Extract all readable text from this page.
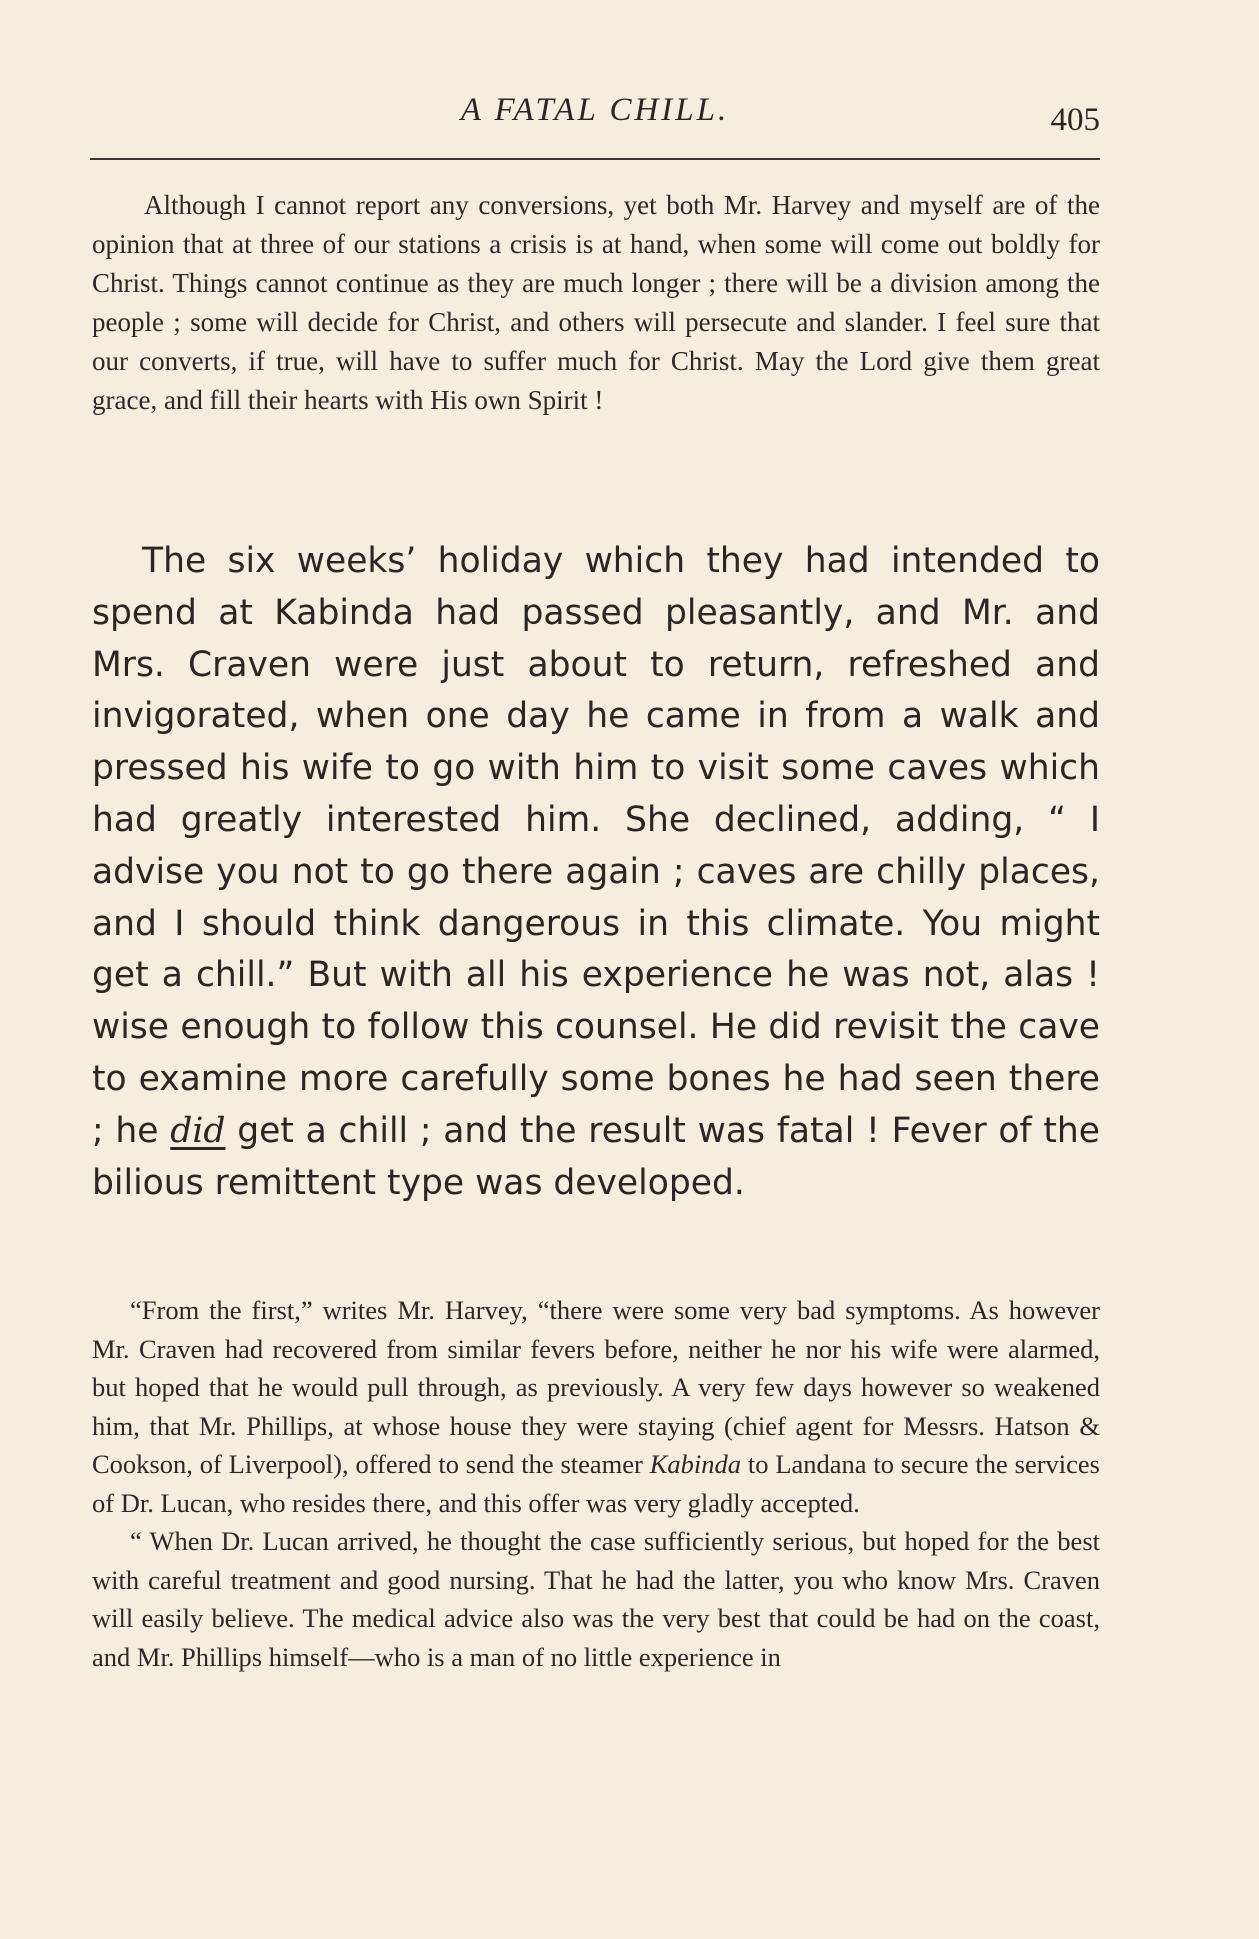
A FATAL CHILL.	405

Although I cannot report any conversions, yet both Mr. Harvey and myself are of the opinion that at three of our stations a crisis is at hand, when some will come out boldly for Christ. Things cannot continue as they are much longer ; there will be a division among the people ; some will decide for Christ, and others will persecute and slander. I feel sure that our converts, if true, will have to suffer much for Christ. May the Lord give them great grace, and fill their hearts with His own Spirit !

The six weeks’ holiday which they had intended to spend at Kabinda had passed pleasantly, and Mr. and Mrs. Craven were just about to return, refreshed and invigorated, when one day he came in from a walk and pressed his wife to go with him to visit some caves which had greatly interested him. She declined, adding, “ I advise you not to go there again ; caves are chilly places, and I should think dangerous in this climate. You might get a chill.” But with all his experience he was not, alas ! wise enough to follow this counsel. He did revisit the cave to examine more carefully some bones he had seen there ; he did get a chill ; and the result was fatal ! Fever of the bilious remittent type was developed.

“From the first,” writes Mr. Harvey, “there were some very bad symptoms. As however Mr. Craven had recovered from similar fevers before, neither he nor his wife were alarmed, but hoped that he would pull through, as previously. A very few days however so weakened him, that Mr. Phillips, at whose house they were staying (chief agent for Messrs. Hatson & Cookson, of Liverpool), offered to send the steamer Kabinda to Landana to secure the services of Dr. Lucan, who resides there, and this offer was very gladly accepted.

“ When Dr. Lucan arrived, he thought the case sufficiently serious, but hoped for the best with careful treatment and good nursing. That he had the latter, you who know Mrs. Craven will easily believe. The medical advice also was the very best that could be had on the coast, and Mr. Phillips himself—who is a man of no little experience in
